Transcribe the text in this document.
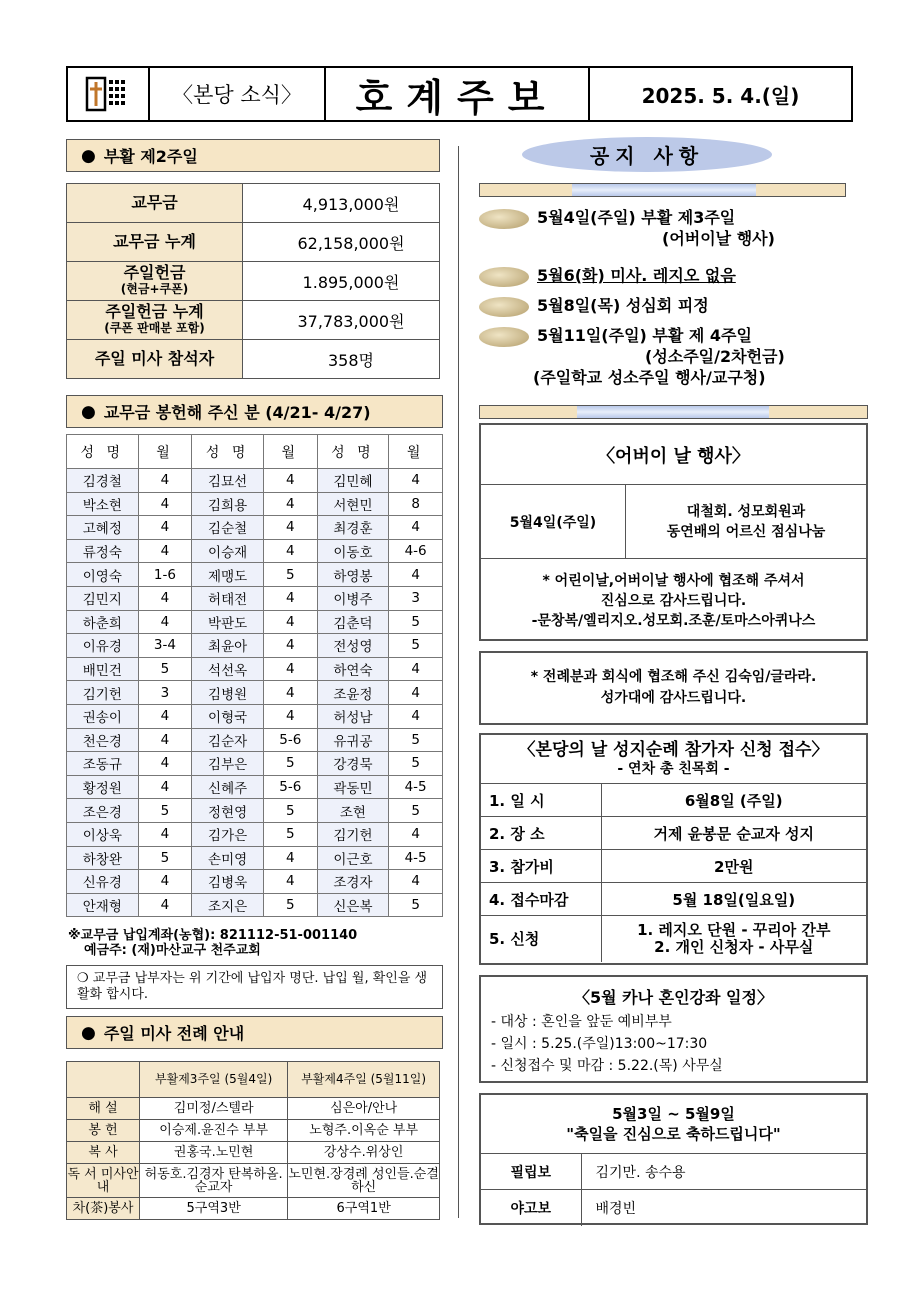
〈본당 소식〉	호계주보	2025. 5. 4.(일)
● 부활 제2주일
교무금	4,913,000원

교무금 누계	62,158,000원

주일헌금
(현금+쿠폰)	1.895,000원

주일헌금 누계
(쿠폰 판매분 포함)	37,783,000원

주일 미사 참석자	358명
● 교무금 봉헌해 주신 분 (4/21- 4/27)
성 명	월	성 명	월	성 명	월
김경철	4	김묘선	4	김민혜	4
박소현	4	김희용	4	서현민	8
고혜정	4	김순철	4	최경훈	4
류정숙	4	이승재	4	이동호	4-6
이영숙	1-6	제맹도	5	하영봉	4
김민지	4	허태전	4	이병주	3
하춘희	4	박판도	4	김춘덕	5
이유경	3-4	최윤아	4	전성영	5
배민건	5	석선옥	4	하연숙	4
김기헌	3	김병원	4	조윤정	4
권송이	4	이형국	4	허성남	4
천은경	4	김순자	5-6	유귀공	5
조동규	4	김부은	5	강경묵	5
황정원	4	신혜주	5-6	곽동민	4-5
조은경	5	정현영	5	조현	5
이상욱	4	김가은	5	김기헌	4
하창완	5	손미영	4	이근호	4-5
신유경	4	김병욱	4	조경자	4
안재형	4	조지은	5	신은복	5
※교무금 납입계좌(농협): 821112-51-001140
예금주: (재)마산교구 천주교회
❍ 교무금 납부자는 위 기간에 납입자 명단. 납입 월, 확인을 생활화 합시다.
● 주일 미사 전례 안내
	부활제3주일 (5월4일)	부활제4주일 (5월11일)
해 설	김미정/스텔라	심은아/안나
봉 헌	이승제.윤진수 부부	노형주.이옥순 부부
복 사	권홍국.노민현	강상수.위상인
독 서 미사안내	허동호.김경자 탄복하올.순교자	노민현.장경례 성인들.순결 하신
차(茶)봉사	5구역3반	6구역1반
공지 사항
5월4일(주일) 부활 제3주일
(어버이날 행사)
5월6(화) 미사. 레지오 없음
5월8일(목) 성심회 피정
5월11일(주일) 부활 제 4주일
(성소주일/2차헌금)
(주일학교 성소주일 행사/교구청)
〈어버이 날 행사〉
5월4일(주일)
대철회. 성모회원과
동연배의 어르신 점심나눔
* 어린이날,어버이날 행사에 협조해 주셔서
진심으로 감사드립니다.
-문창복/엘리지오.성모회.조훈/토마스아퀴나스
* 전례분과 회식에 협조해 주신 김숙임/글라라.
성가대에 감사드립니다.
〈본당의 날 성지순례 참가자 신청 접수〉
- 연차 총 친목회 -
1. 일 시	6월8일 (주일)
2. 장 소	거제 윤봉문 순교자 성지
3. 참가비	2만원
4. 접수마감	5월 18일(일요일)
5. 신청	1. 레지오 단원 - 꾸리아 간부
2. 개인 신청자 - 사무실
〈5월 카나 혼인강좌 일정〉
- 대상 : 혼인을 앞둔 예비부부
- 일시 : 5.25.(주일)13:00~17:30
- 신청접수 및 마감 : 5.22.(목) 사무실
5월3일 ~ 5월9일
"축일을 진심으로 축하드립니다"
필립보	김기만. 송수용
야고보	배경빈
